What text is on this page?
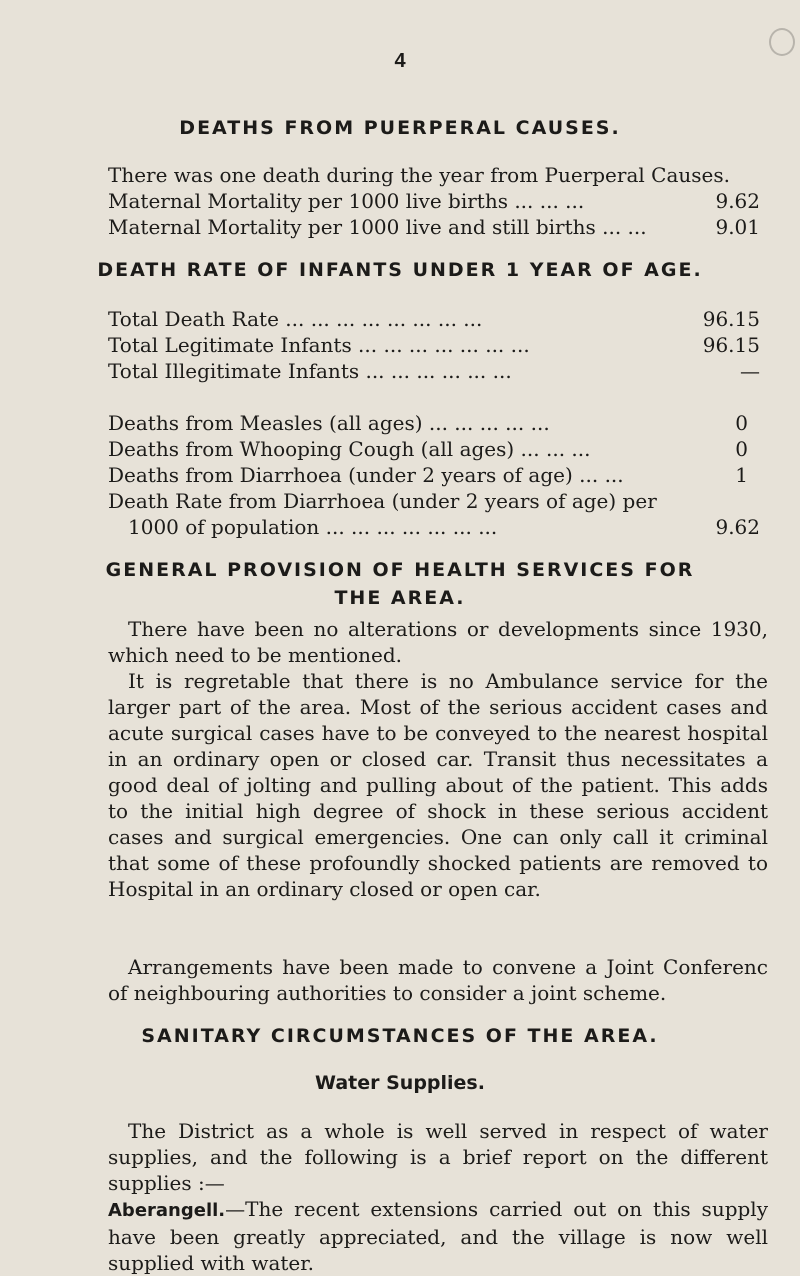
4
DEATHS FROM PUERPERAL CAUSES.
There was one death during the year from Puerperal Causes.
Maternal Mortality per 1000 live births ... ... ...	9.62
Maternal Mortality per 1000 live and still births ... ...	9.01
DEATH RATE OF INFANTS UNDER 1 YEAR OF AGE.
Total Death Rate ... ... ... ... ... ... ... ...	96.15
Total Legitimate Infants ... ... ... ... ... ... ...	96.15
Total Illegitimate Infants ... ... ... ... ... ...	—
Deaths from Measles (all ages) ... ... ... ... ...	0
Deaths from Whooping Cough (all ages) ... ... ...	0
Deaths from Diarrhoea (under 2 years of age) ... ...	1
Death Rate from Diarrhoea (under 2 years of age) per
1000 of population ... ... ... ... ... ... ...	9.62
GENERAL PROVISION OF HEALTH SERVICES FOR
THE AREA.

There have been no alterations or developments since 1930, which need to be mentioned.

It is regretable that there is no Ambulance service for the larger part of the area. Most of the serious accident cases and acute surgical cases have to be conveyed to the nearest hospital in an ordinary open or closed car. Transit thus necessitates a good deal of jolting and pulling about of the patient. This adds to the initial high degree of shock in these serious accident cases and surgical emergencies. One can only call it criminal that some of these profoundly shocked patients are removed to Hospital in an ordinary closed or open car.

Arrangements have been made to convene a Joint Conferenc of neighbouring authorities to consider a joint scheme.

SANITARY CIRCUMSTANCES OF THE AREA.
Water Supplies.

The District as a whole is well served in respect of water supplies, and the following is a brief report on the different supplies :—

Aberangell.—The recent extensions carried out on this supply have been greatly appreciated, and the village is now well supplied with water.
